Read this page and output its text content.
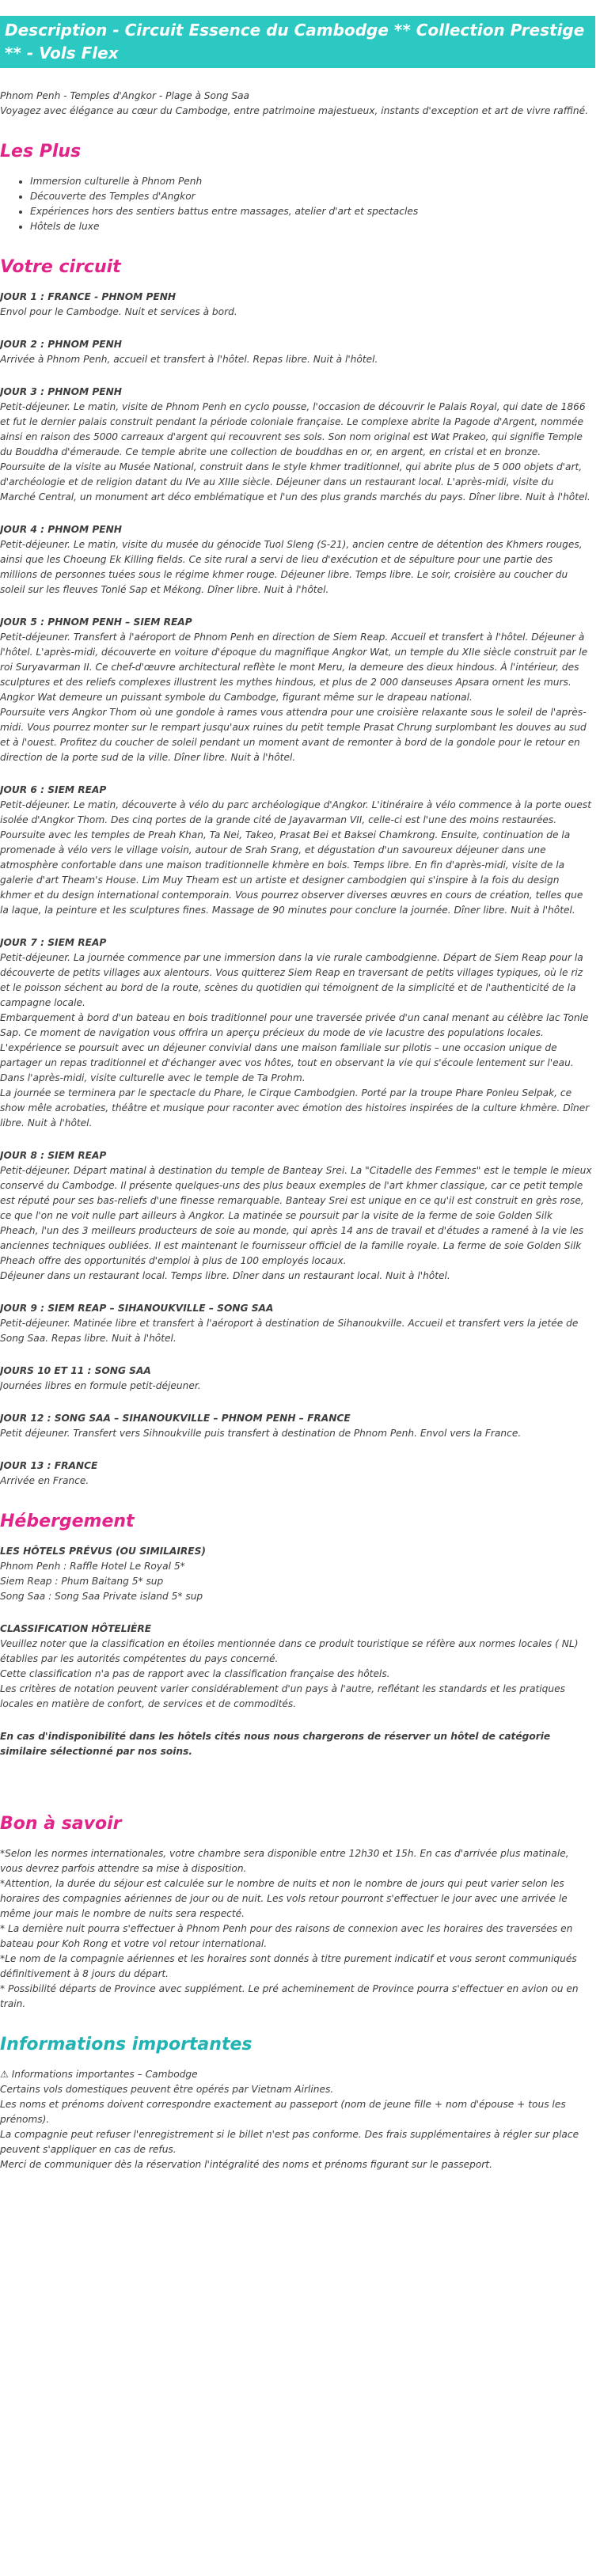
Description - Circuit Essence du Cambodge ** Collection Prestige ** - Vols Flex

Phnom Penh - Temples d'Angkor - Plage à Song Saa

Voyagez avec élégance au cœur du Cambodge, entre patrimoine majestueux, instants d'exception et art de vivre raffiné.

Les Plus
• Immersion culturelle à Phnom Penh
• Découverte des Temples d'Angkor
• Expériences hors des sentiers battus entre massages, atelier d'art et spectacles
• Hôtels de luxe
Votre circuit

JOUR 1 : FRANCE - PHNOM PENH

Envol pour le Cambodge. Nuit et services à bord.

JOUR 2 : PHNOM PENH

Arrivée à Phnom Penh, accueil et transfert à l'hôtel. Repas libre. Nuit à l'hôtel.

JOUR 3 : PHNOM PENH

Petit-déjeuner. Le matin, visite de Phnom Penh en cyclo pousse, l'occasion de découvrir le Palais Royal, qui date de 1866 et fut le dernier palais construit pendant la période coloniale française. Le complexe abrite la Pagode d'Argent, nommée ainsi en raison des 5000 carreaux d'argent qui recouvrent ses sols. Son nom original est Wat Prakeo, qui signifie Temple du Bouddha d'émeraude. Ce temple abrite une collection de bouddhas en or, en argent, en cristal et en bronze.

Poursuite de la visite au Musée National, construit dans le style khmer traditionnel, qui abrite plus de 5 000 objets d'art, d'archéologie et de religion datant du IVe au XIIIe siècle. Déjeuner dans un restaurant local. L'après-midi, visite du Marché Central, un monument art déco emblématique et l'un des plus grands marchés du pays. Dîner libre. Nuit à l'hôtel.

JOUR 4 : PHNOM PENH

Petit-déjeuner. Le matin, visite du musée du génocide Tuol Sleng (S-21), ancien centre de détention des Khmers rouges, ainsi que les Choeung Ek Killing fields. Ce site rural a servi de lieu d'exécution et de sépulture pour une partie des millions de personnes tuées sous le régime khmer rouge. Déjeuner libre. Temps libre. Le soir, croisière au coucher du soleil sur les fleuves Tonlé Sap et Mékong. Dîner libre. Nuit à l'hôtel.

JOUR 5 : PHNOM PENH – SIEM REAP

Petit-déjeuner. Transfert à l'aéroport de Phnom Penh en direction de Siem Reap. Accueil et transfert à l'hôtel. Déjeuner à l'hôtel. L'après-midi, découverte en voiture d'époque du magnifique Angkor Wat, un temple du XIIe siècle construit par le roi Suryavarman II. Ce chef-d'œuvre architectural reflète le mont Meru, la demeure des dieux hindous. À l'intérieur, des sculptures et des reliefs complexes illustrent les mythes hindous, et plus de 2 000 danseuses Apsara ornent les murs. Angkor Wat demeure un puissant symbole du Cambodge, figurant même sur le drapeau national.

Poursuite vers Angkor Thom où une gondole à rames vous attendra pour une croisière relaxante sous le soleil de l'après-midi. Vous pourrez monter sur le rempart jusqu'aux ruines du petit temple Prasat Chrung surplombant les douves au sud et à l'ouest. Profitez du coucher de soleil pendant un moment avant de remonter à bord de la gondole pour le retour en direction de la porte sud de la ville. Dîner libre. Nuit à l'hôtel.

JOUR 6 : SIEM REAP

Petit-déjeuner. Le matin, découverte à vélo du parc archéologique d'Angkor. L'itinéraire à vélo commence à la porte ouest isolée d'Angkor Thom. Des cinq portes de la grande cité de Jayavarman VII, celle-ci est l'une des moins restaurées. Poursuite avec les temples de Preah Khan, Ta Nei, Takeo, Prasat Bei et Baksei Chamkrong. Ensuite, continuation de la promenade à vélo vers le village voisin, autour de Srah Srang, et dégustation d'un savoureux déjeuner dans une atmosphère confortable dans une maison traditionnelle khmère en bois. Temps libre. En fin d'après-midi, visite de la galerie d'art Theam's House. Lim Muy Theam est un artiste et designer cambodgien qui s'inspire à la fois du design khmer et du design international contemporain. Vous pourrez observer diverses œuvres en cours de création, telles que la laque, la peinture et les sculptures fines. Massage de 90 minutes pour conclure la journée. Dîner libre. Nuit à l'hôtel.

JOUR 7 : SIEM REAP

Petit-déjeuner. La journée commence par une immersion dans la vie rurale cambodgienne. Départ de Siem Reap pour la découverte de petits villages aux alentours. Vous quitterez Siem Reap en traversant de petits villages typiques, où le riz et le poisson séchent au bord de la route, scènes du quotidien qui témoignent de la simplicité et de l'authenticité de la campagne locale.

Embarquement à bord d'un bateau en bois traditionnel pour une traversée privée d'un canal menant au célèbre lac Tonle Sap. Ce moment de navigation vous offrira un aperçu précieux du mode de vie lacustre des populations locales.

L'expérience se poursuit avec un déjeuner convivial dans une maison familiale sur pilotis – une occasion unique de partager un repas traditionnel et d'échanger avec vos hôtes, tout en observant la vie qui s'écoule lentement sur l'eau.

Dans l'après-midi, visite culturelle avec le temple de Ta Prohm.

La journée se terminera par le spectacle du Phare, le Cirque Cambodgien. Porté par la troupe Phare Ponleu Selpak, ce show mêle acrobaties, théâtre et musique pour raconter avec émotion des histoires inspirées de la culture khmère. Dîner libre. Nuit à l'hôtel.

JOUR 8 : SIEM REAP

Petit-déjeuner. Départ matinal à destination du temple de Banteay Srei. La "Citadelle des Femmes" est le temple le mieux conservé du Cambodge. Il présente quelques-uns des plus beaux exemples de l'art khmer classique, car ce petit temple est réputé pour ses bas-reliefs d'une finesse remarquable. Banteay Srei est unique en ce qu'il est construit en grès rose, ce que l'on ne voit nulle part ailleurs à Angkor. La matinée se poursuit par la visite de la ferme de soie Golden Silk Pheach, l'un des 3 meilleurs producteurs de soie au monde, qui après 14 ans de travail et d'études a ramené à la vie les anciennes techniques oubliées. Il est maintenant le fournisseur officiel de la famille royale. La ferme de soie Golden Silk Pheach offre des opportunités d'emploi à plus de 100 employés locaux.

Déjeuner dans un restaurant local. Temps libre. Dîner dans un restaurant local. Nuit à l'hôtel.

JOUR 9 : SIEM REAP – SIHANOUKVILLE – SONG SAA

Petit-déjeuner. Matinée libre et transfert à l'aéroport à destination de Sihanoukville. Accueil et transfert vers la jetée de Song Saa. Repas libre. Nuit à l'hôtel.

JOURS 10 ET 11 : SONG SAA

Journées libres en formule petit-déjeuner.

JOUR 12 : SONG SAA – SIHANOUKVILLE – PHNOM PENH – FRANCE

Petit déjeuner. Transfert vers Sihnoukville puis transfert à destination de Phnom Penh. Envol vers la France.

JOUR 13 : FRANCE

Arrivée en France.

Hébergement

LES HÔTELS PRÉVUS (OU SIMILAIRES)

Phnom Penh : Raffle Hotel Le Royal 5*

Siem Reap : Phum Baitang 5* sup

Song Saa : Song Saa Private island 5* sup

CLASSIFICATION HÔTELIÈRE

Veuillez noter que la classification en étoiles mentionnée dans ce produit touristique se réfère aux normes locales ( NL) établies par les autorités compétentes du pays concerné.

Cette classification n'a pas de rapport avec la classification française des hôtels.

Les critères de notation peuvent varier considérablement d'un pays à l'autre, reflétant les standards et les pratiques locales en matière de confort, de services et de commodités.

En cas d'indisponibilité dans les hôtels cités nous nous chargerons de réserver un hôtel de catégorie similaire sélectionné par nos soins.

Bon à savoir

*Selon les normes internationales, votre chambre sera disponible entre 12h30 et 15h. En cas d'arrivée plus matinale, vous devrez parfois attendre sa mise à disposition.

*Attention, la durée du séjour est calculée sur le nombre de nuits et non le nombre de jours qui peut varier selon les horaires des compagnies aériennes de jour ou de nuit. Les vols retour pourront s'effectuer le jour avec une arrivée le même jour mais le nombre de nuits sera respecté.

* La dernière nuit pourra s'effectuer à Phnom Penh pour des raisons de connexion avec les horaires des traversées en bateau pour Koh Rong et votre vol retour international.

*Le nom de la compagnie aériennes et les horaires sont donnés à titre purement indicatif et vous seront communiqués définitivement à 8 jours du départ.

* Possibilité départs de Province avec supplément. Le pré acheminement de Province pourra s'effectuer en avion ou en train.

Informations importantes

⚠ Informations importantes – Cambodge

Certains vols domestiques peuvent être opérés par Vietnam Airlines.

Les noms et prénoms doivent correspondre exactement au passeport (nom de jeune fille + nom d'épouse + tous les prénoms).

La compagnie peut refuser l'enregistrement si le billet n'est pas conforme. Des frais supplémentaires à régler sur place peuvent s'appliquer en cas de refus.

Merci de communiquer dès la réservation l'intégralité des noms et prénoms figurant sur le passeport.
